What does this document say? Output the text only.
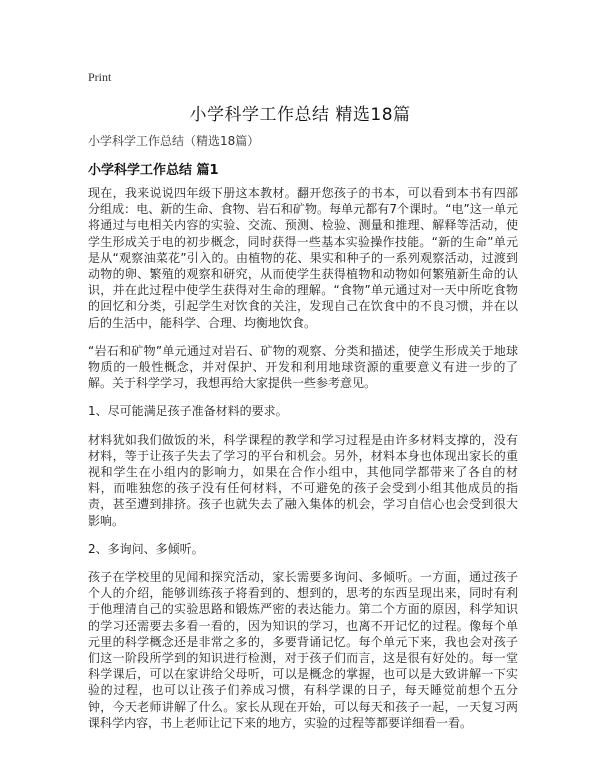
Print
小学科学工作总结 精选18篇
小学科学工作总结（精选18篇）
小学科学工作总结 篇1

现在，我来说说四年级下册这本教材。翻开您孩子的书本，可以看到本书有四部分组成：电、新的生命、食物、岩石和矿物。每单元都有7个课时。“电”这一单元将通过与电相关内容的实验、交流、预测、检验、测量和推理、解释等活动，使学生形成关于电的初步概念，同时获得一些基本实验操作技能。“新的生命”单元是从“观察油菜花”引入的。由植物的花、果实和种子的一系列观察活动，过渡到动物的卵、繁殖的观察和研究，从而使学生获得植物和动物如何繁殖新生命的认识，并在此过程中使学生获得对生命的理解。“食物”单元通过对一天中所吃食物的回忆和分类，引起学生对饮食的关注，发现自己在饮食中的不良习惯，并在以后的生活中，能科学、合理、均衡地饮食。

“岩石和矿物”单元通过对岩石、矿物的观察、分类和描述，使学生形成关于地球物质的一般性概念，并对保护、开发和利用地球资源的重要意义有进一步的了解。关于科学学习，我想再给大家提供一些参考意见。

1、尽可能满足孩子准备材料的要求。

材料犹如我们做饭的米，科学课程的教学和学习过程是由许多材料支撑的，没有材料，等于让孩子失去了学习的平台和机会。另外，材料本身也体现出家长的重视和学生在小组内的影响力，如果在合作小组中，其他同学都带来了各自的材料，而唯独您的孩子没有任何材料，不可避免的孩子会受到小组其他成员的指责，甚至遭到排挤。孩子也就失去了融入集体的机会，学习自信心也会受到很大影响。

2、多询问、多倾听。

孩子在学校里的见闻和探究活动，家长需要多询问、多倾听。一方面，通过孩子个人的介绍，能够训练孩子将看到的、想到的，思考的东西呈现出来，同时有利于他理清自己的实验思路和锻炼严密的表达能力。第二个方面的原因，科学知识的学习还需要去多看一看的，因为知识的学习，也离不开记忆的过程。像每个单元里的科学概念还是非常之多的，多要背诵记忆。每个单元下来，我也会对孩子们这一阶段所学到的知识进行检测，对于孩子们而言，这是很有好处的。每一堂科学课后，可以在家讲给父母听，可以是概念的掌握，也可以是大致讲解一下实验的过程，也可以让孩子们养成习惯，有科学课的日子，每天睡觉前想个五分钟，今天老师讲解了什么。家长从现在开始，可以每天和孩子一起，一天复习两课科学内容，书上老师让记下来的地方，实验的过程等都要详细看一看。
